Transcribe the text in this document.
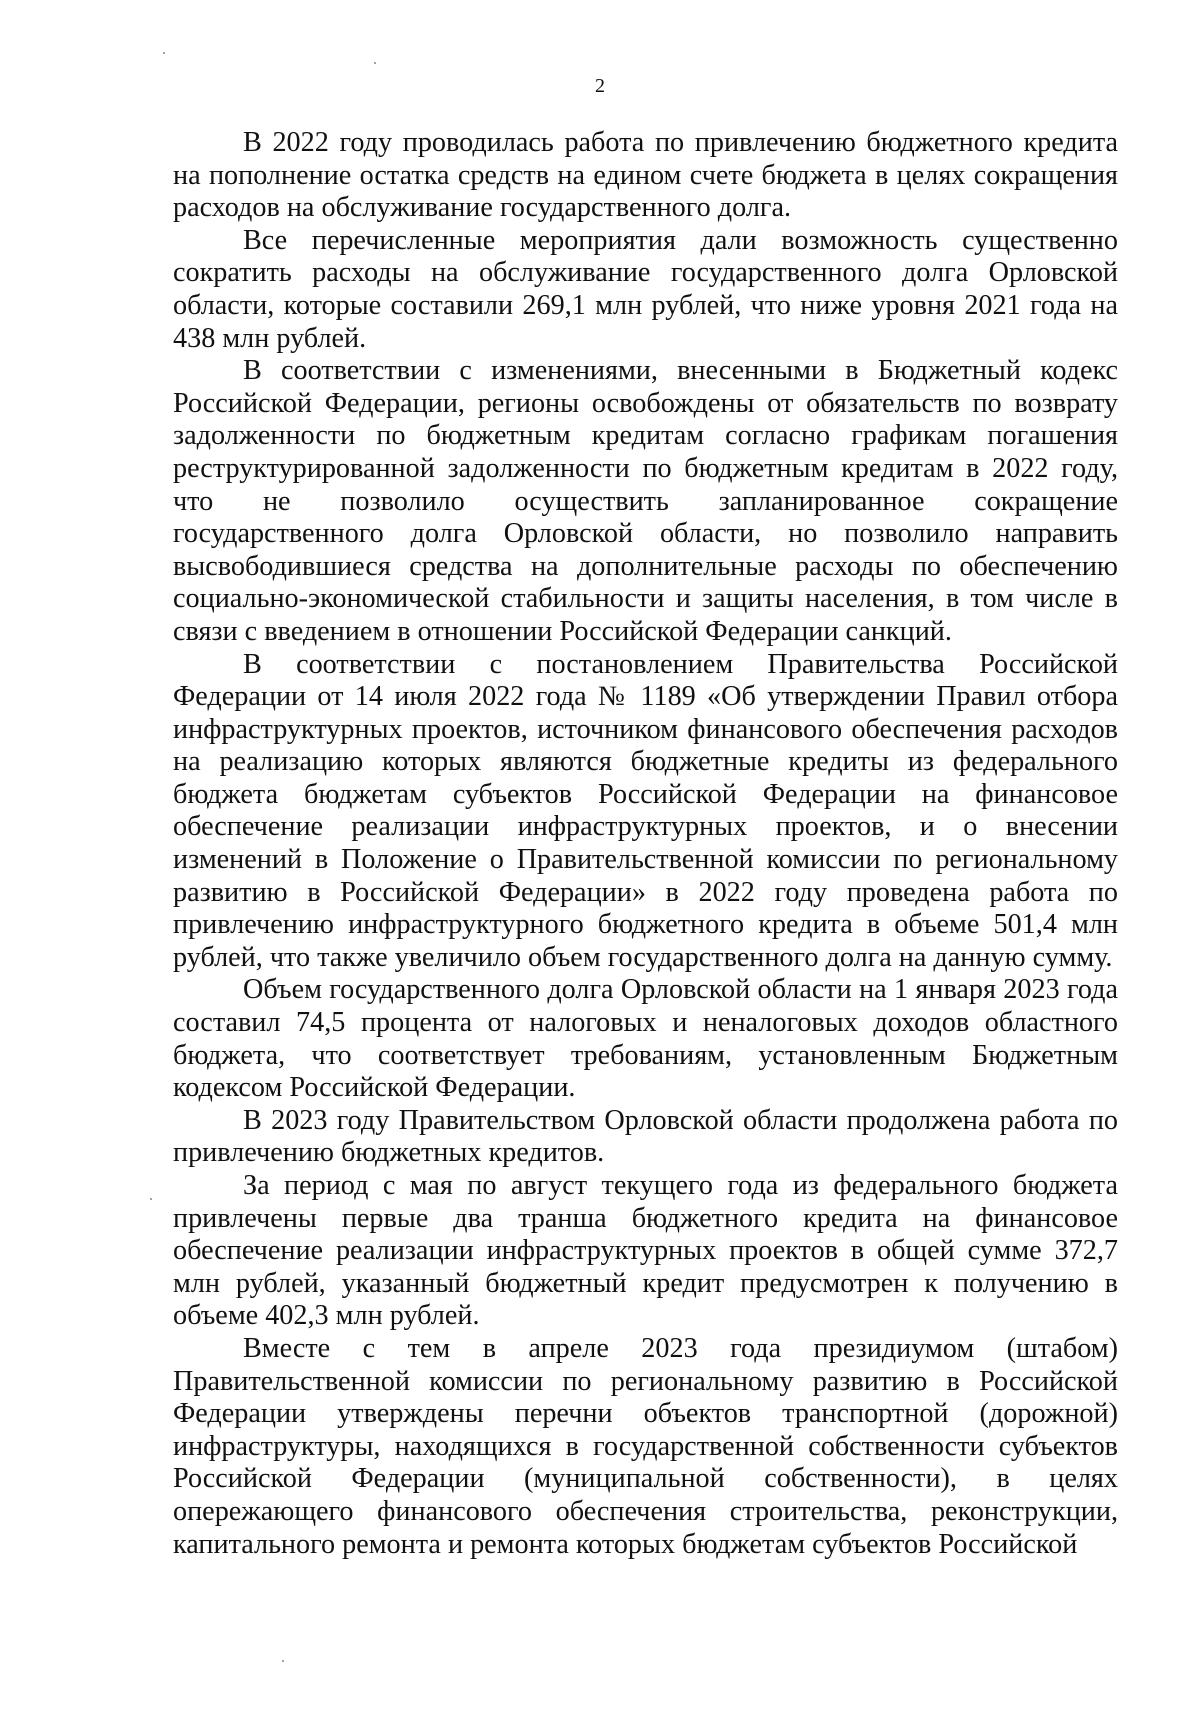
2

В 2022 году проводилась работа по привлечению бюджетного кредита на пополнение остатка средств на едином счете бюджета в целях сокращения расходов на обслуживание государственного долга.

Все перечисленные мероприятия дали возможность существенно сократить расходы на обслуживание государственного долга Орловской области, которые составили 269,1 млн рублей, что ниже уровня 2021 года на 438 млн рублей.

В соответствии с изменениями, внесенными в Бюджетный кодекс Российской Федерации, регионы освобождены от обязательств по возврату задолженности по бюджетным кредитам согласно графикам погашения реструктурированной задолженности по бюджетным кредитам в 2022 году, что не позволило осуществить запланированное сокращение государственного долга Орловской области, но позволило направить высвободившиеся средства на дополнительные расходы по обеспечению социально-экономической стабильности и защиты населения, в том числе в связи с введением в отношении Российской Федерации санкций.

В соответствии с постановлением Правительства Российской Федерации от 14 июля 2022 года № 1189 «Об утверждении Правил отбора инфраструктурных проектов, источником финансового обеспечения расходов на реализацию которых являются бюджетные кредиты из федерального бюджета бюджетам субъектов Российской Федерации на финансовое обеспечение реализации инфраструктурных проектов, и о внесении изменений в Положение о Правительственной комиссии по региональному развитию в Российской Федерации» в 2022 году проведена работа по привлечению инфраструктурного бюджетного кредита в объеме 501,4 млн рублей, что также увеличило объем государственного долга на данную сумму.

Объем государственного долга Орловской области на 1 января 2023 года составил 74,5 процента от налоговых и неналоговых доходов областного бюджета, что соответствует требованиям, установленным Бюджетным кодексом Российской Федерации.

В 2023 году Правительством Орловской области продолжена работа по привлечению бюджетных кредитов.

За период с мая по август текущего года из федерального бюджета привлечены первые два транша бюджетного кредита на финансовое обеспечение реализации инфраструктурных проектов в общей сумме 372,7 млн рублей, указанный бюджетный кредит предусмотрен к получению в объеме 402,3 млн рублей.

Вместе с тем в апреле 2023 года президиумом (штабом) Правительственной комиссии по региональному развитию в Российской Федерации утверждены перечни объектов транспортной (дорожной) инфраструктуры, находящихся в государственной собственности субъектов Российской Федерации (муниципальной собственности), в целях опережающего финансового обеспечения строительства, реконструкции, капитального ремонта и ремонта которых бюджетам субъектов Российской
